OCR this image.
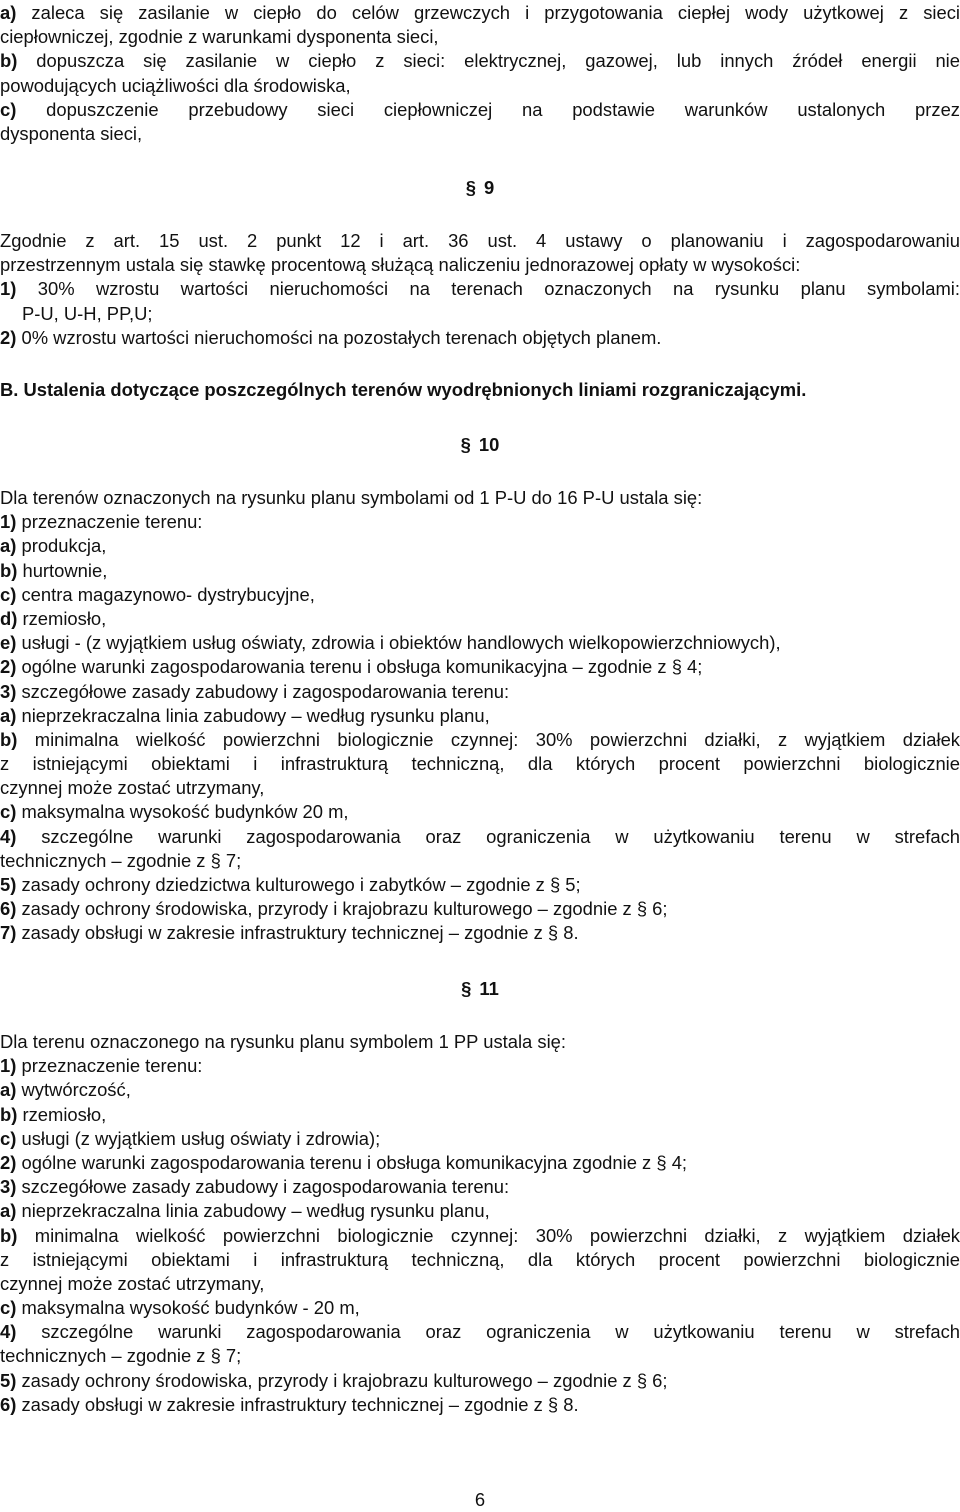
a) zaleca się zasilanie w ciepło do celów grzewczych i przygotowania ciepłej wody użytkowej z sieci
ciepłowniczej, zgodnie z warunkami dysponenta sieci,
b) dopuszcza się zasilanie w ciepło z sieci: elektrycznej, gazowej, lub innych źródeł energii nie
powodujących uciążliwości dla środowiska,
c) dopuszczenie przebudowy sieci ciepłowniczej na podstawie warunków ustalonych przez
dysponenta sieci,
§ 9
Zgodnie z art. 15 ust. 2 punkt 12 i art. 36 ust. 4 ustawy o planowaniu i zagospodarowaniu
przestrzennym ustala się stawkę procentową służącą naliczeniu jednorazowej opłaty w wysokości:
1) 30% wzrostu wartości nieruchomości na terenach oznaczonych na rysunku planu symbolami:
P-U, U-H, PP,U;
2) 0% wzrostu wartości nieruchomości na pozostałych terenach objętych planem.
B. Ustalenia dotyczące poszczególnych terenów wyodrębnionych liniami rozgraniczającymi.
§ 10
Dla terenów oznaczonych na rysunku planu symbolami od 1 P-U do 16 P-U ustala się:
1) przeznaczenie terenu:
a) produkcja,
b) hurtownie,
c) centra magazynowo- dystrybucyjne,
d) rzemiosło,
e) usługi - (z wyjątkiem usług oświaty, zdrowia i obiektów handlowych wielkopowierzchniowych),
2) ogólne warunki zagospodarowania terenu i obsługa komunikacyjna – zgodnie z § 4;
3) szczegółowe zasady zabudowy i zagospodarowania terenu:
a) nieprzekraczalna linia zabudowy – według rysunku planu,
b) minimalna wielkość powierzchni biologicznie czynnej: 30% powierzchni działki, z wyjątkiem działek
z istniejącymi obiektami i infrastrukturą techniczną, dla których procent powierzchni biologicznie
czynnej może zostać utrzymany,
c) maksymalna wysokość budynków 20 m,
4) szczególne warunki zagospodarowania oraz ograniczenia w użytkowaniu terenu w strefach
technicznych – zgodnie z § 7;
5) zasady ochrony dziedzictwa kulturowego i zabytków – zgodnie z § 5;
6) zasady ochrony środowiska, przyrody i krajobrazu kulturowego – zgodnie z § 6;
7) zasady obsługi w zakresie infrastruktury technicznej – zgodnie z § 8.
§ 11
Dla terenu oznaczonego na rysunku planu symbolem 1 PP ustala się:
1) przeznaczenie terenu:
a) wytwórczość,
b) rzemiosło,
c) usługi (z wyjątkiem usług oświaty i zdrowia);
2) ogólne warunki zagospodarowania terenu i obsługa komunikacyjna zgodnie z § 4;
3) szczegółowe zasady zabudowy i zagospodarowania terenu:
a) nieprzekraczalna linia zabudowy – według rysunku planu,
b) minimalna wielkość powierzchni biologicznie czynnej: 30% powierzchni działki, z wyjątkiem działek
z istniejącymi obiektami i infrastrukturą techniczną, dla których procent powierzchni biologicznie
czynnej może zostać utrzymany,
c) maksymalna wysokość budynków - 20 m,
4) szczególne warunki zagospodarowania oraz ograniczenia w użytkowaniu terenu w strefach
technicznych – zgodnie z § 7;
5) zasady ochrony środowiska, przyrody i krajobrazu kulturowego – zgodnie z § 6;
6) zasady obsługi w zakresie infrastruktury technicznej – zgodnie z § 8.
6
